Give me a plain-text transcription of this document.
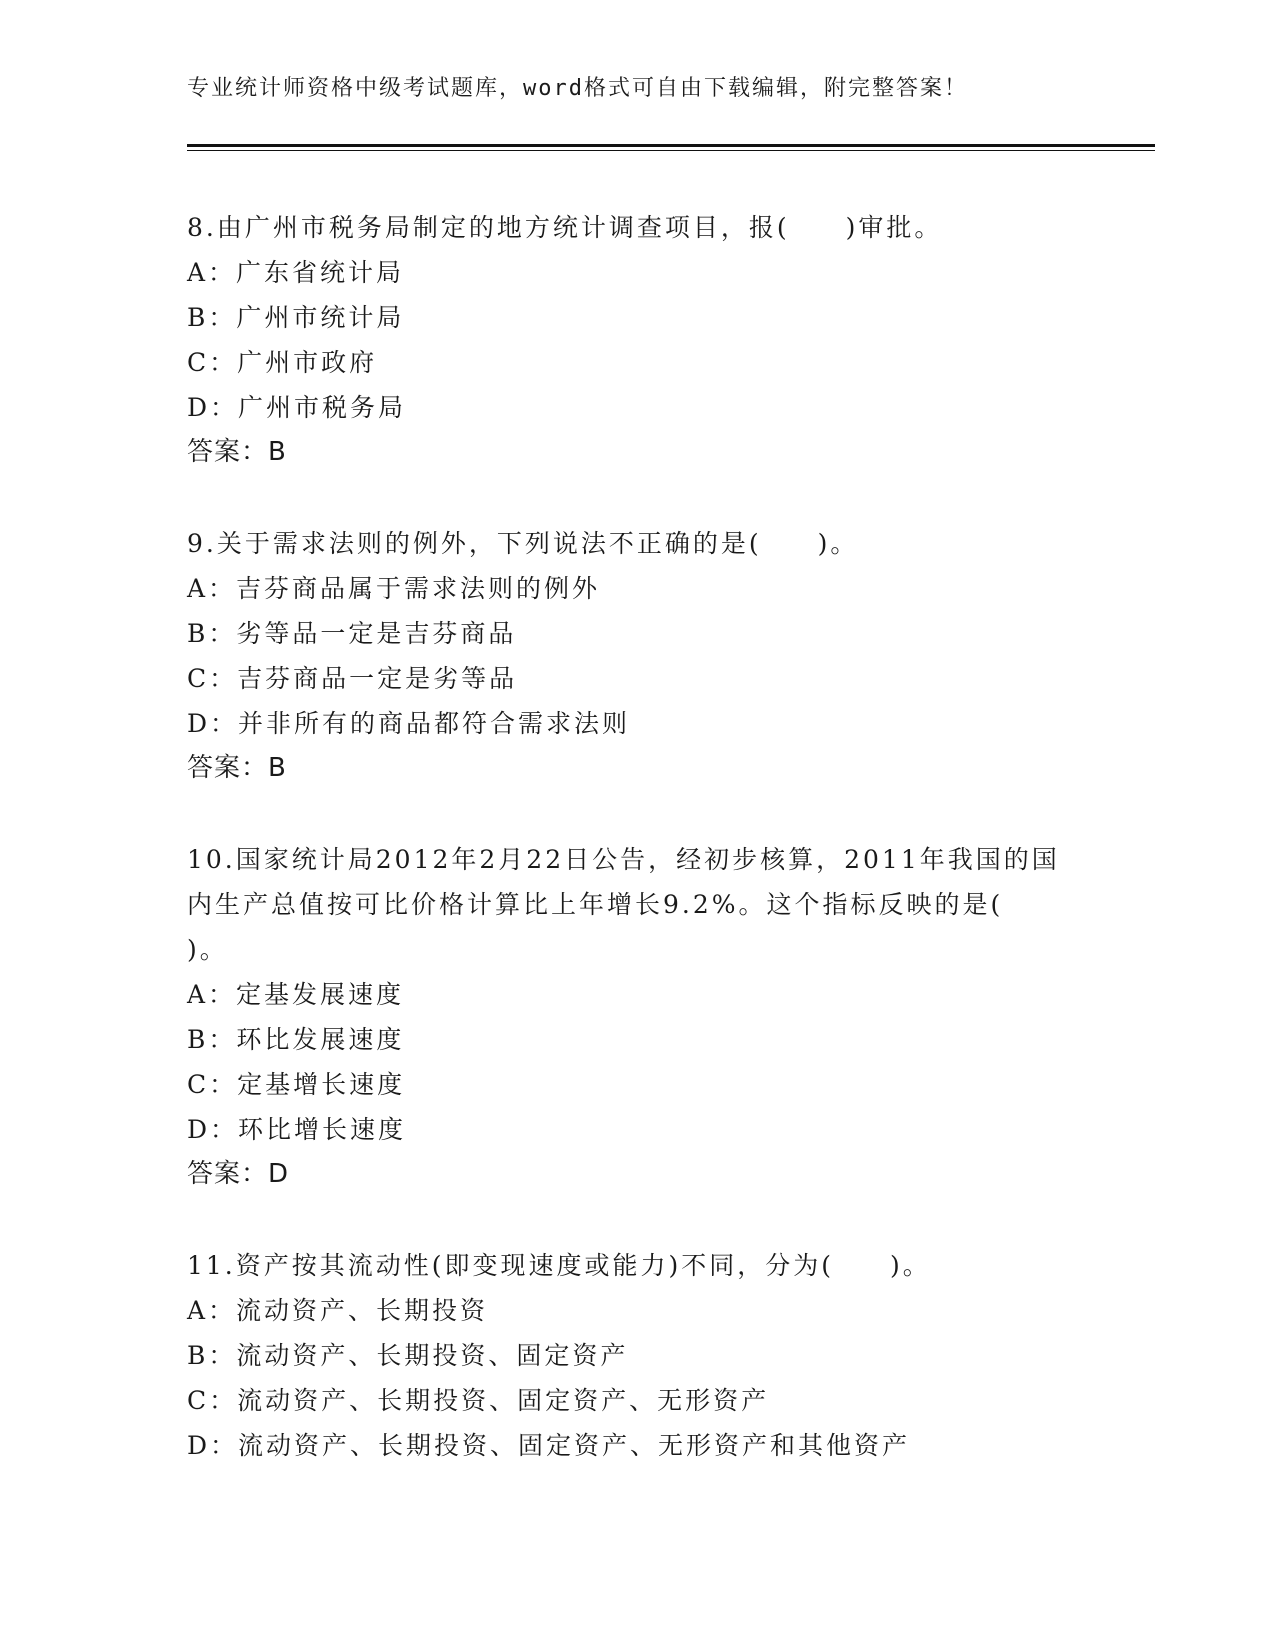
专业统计师资格中级考试题库，word格式可自由下载编辑，附完整答案！
8.由广州市税务局制定的地方统计调查项目，报(　　)审批。
A：广东省统计局
B：广州市统计局
C：广州市政府
D：广州市税务局
答案：B
9.关于需求法则的例外，下列说法不正确的是(　　)。
A：吉芬商品属于需求法则的例外
B：劣等品一定是吉芬商品
C：吉芬商品一定是劣等品
D：并非所有的商品都符合需求法则
答案：B
10.国家统计局2012年2月22日公告，经初步核算，2011年我国的国
内生产总值按可比价格计算比上年增长9.2%。这个指标反映的是(
)。
A：定基发展速度
B：环比发展速度
C：定基增长速度
D：环比增长速度
答案：D
11.资产按其流动性(即变现速度或能力)不同，分为(　　)。
A：流动资产、长期投资
B：流动资产、长期投资、固定资产
C：流动资产、长期投资、固定资产、无形资产
D：流动资产、长期投资、固定资产、无形资产和其他资产
